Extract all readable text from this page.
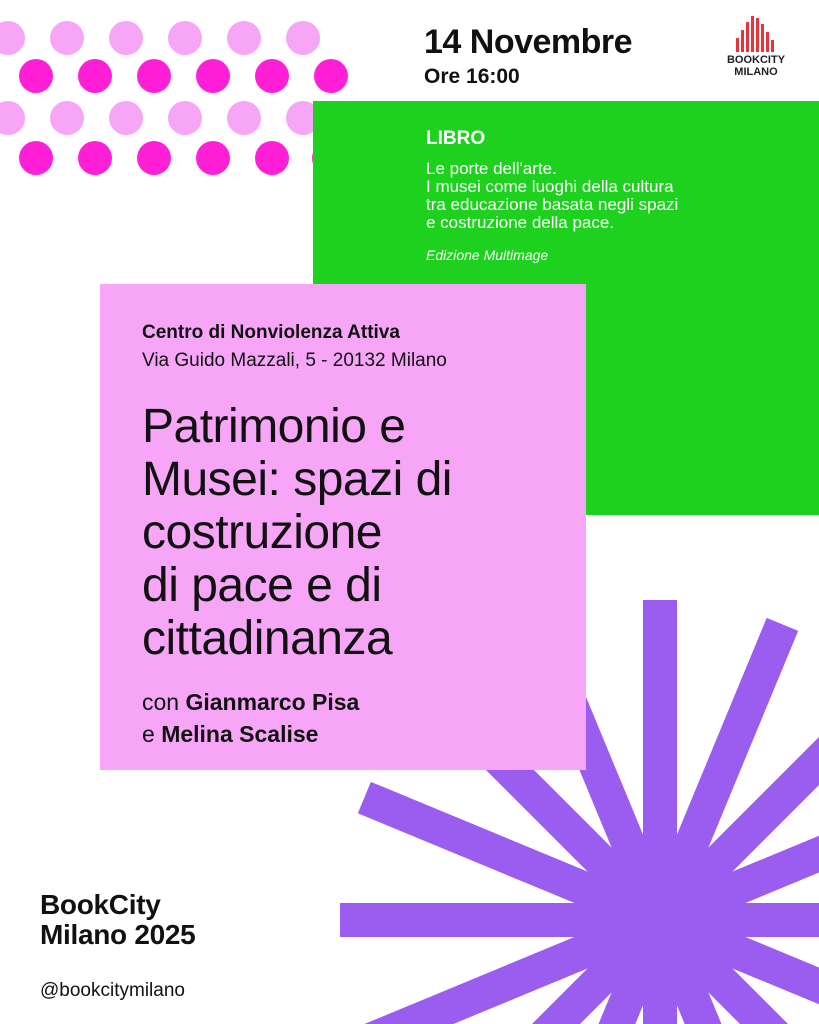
14 Novembre
Ore 16:00
BOOKCITY
MILANO
LIBRO
Le porte dell'arte.
I musei come luoghi della cultura
tra educazione basata negli spazi
e costruzione della pace.
Edizione Multimage
Centro di Nonviolenza Attiva
Via Guido Mazzali, 5 - 20132 Milano
Patrimonio e
Musei: spazi di
costruzione
di pace e di
cittadinanza
con Gianmarco Pisa
e Melina Scalise
BookCity
Milano 2025
@bookcitymilano
